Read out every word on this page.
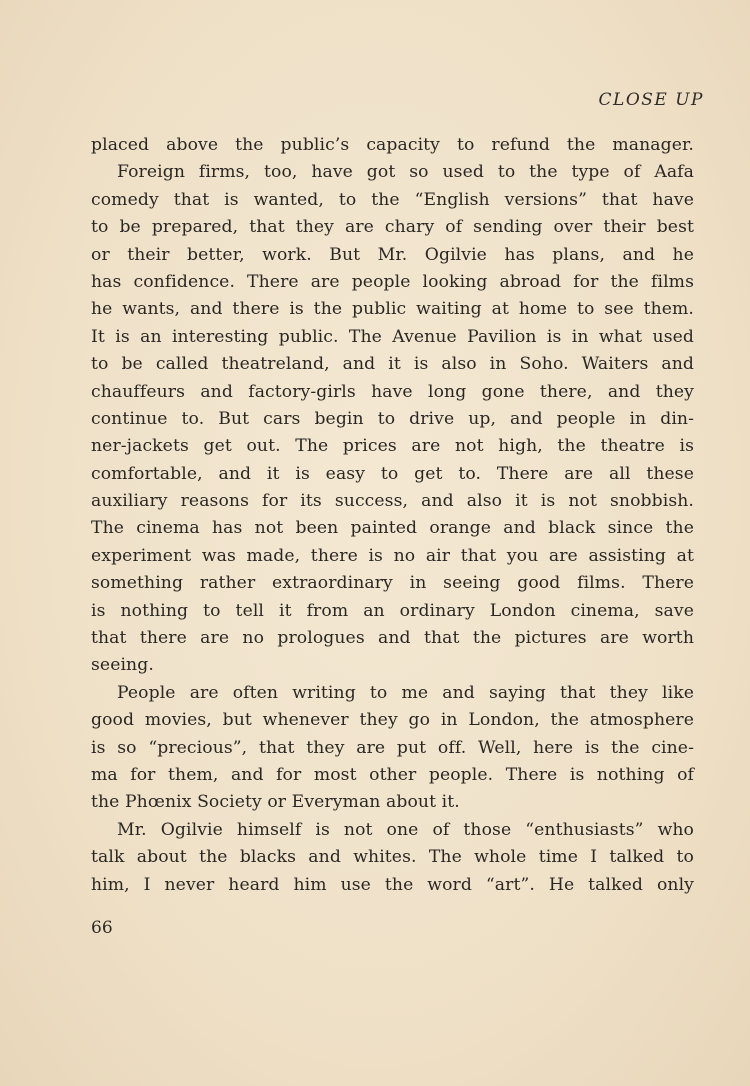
CLOSE UP
placed above the public’s capacity to refund the manager.
Foreign firms, too, have got so used to the type of Aafa
comedy that is wanted, to the “English versions” that have
to be prepared, that they are chary of sending over their best
or their better, work. But Mr. Ogilvie has plans, and he
has confidence. There are people looking abroad for the films
he wants, and there is the public waiting at home to see them.
It is an interesting public. The Avenue Pavilion is in what used
to be called theatreland, and it is also in Soho. Waiters and
chauffeurs and factory-girls have long gone there, and they
continue to. But cars begin to drive up, and people in din-
ner-jackets get out. The prices are not high, the theatre is
comfortable, and it is easy to get to. There are all these
auxiliary reasons for its success, and also it is not snobbish.
The cinema has not been painted orange and black since the
experiment was made, there is no air that you are assisting at
something rather extraordinary in seeing good films. There
is nothing to tell it from an ordinary London cinema, save
that there are no prologues and that the pictures are worth
seeing.
People are often writing to me and saying that they like
good movies, but whenever they go in London, the atmosphere
is so “precious”, that they are put off. Well, here is the cine-
ma for them, and for most other people. There is nothing of
the Phœnix Society or Everyman about it.
Mr. Ogilvie himself is not one of those “enthusiasts” who
talk about the blacks and whites. The whole time I talked to
him, I never heard him use the word “art”. He talked only
66
